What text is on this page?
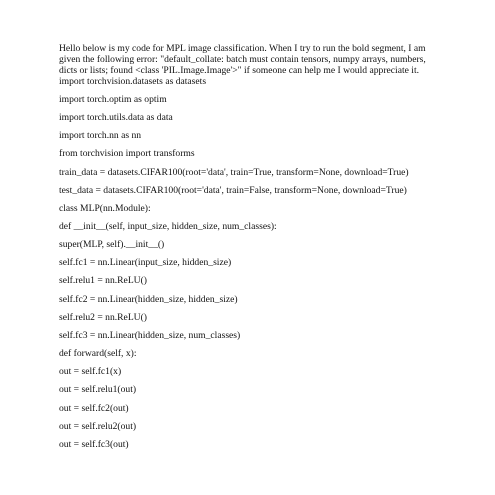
Hello below is my code for MPL image classification. When I try to run the bold segment, I am given the following error: "default_collate: batch must contain tensors, numpy arrays, numbers, dicts or lists; found <class 'PIL.Image.Image'>" if someone can help me I would appreciate it.

import torchvision.datasets as datasets

import torch.optim as optim

import torch.utils.data as data

import torch.nn as nn

from torchvision import transforms

train_data = datasets.CIFAR100(root='data', train=True, transform=None, download=True)

test_data = datasets.CIFAR100(root='data', train=False, transform=None, download=True)

class MLP(nn.Module):

def __init__(self, input_size, hidden_size, num_classes):

super(MLP, self).__init__()

self.fc1 = nn.Linear(input_size, hidden_size)

self.relu1 = nn.ReLU()

self.fc2 = nn.Linear(hidden_size, hidden_size)

self.relu2 = nn.ReLU()

self.fc3 = nn.Linear(hidden_size, num_classes)

def forward(self, x):

out = self.fc1(x)

out = self.relu1(out)

out = self.fc2(out)

out = self.relu2(out)

out = self.fc3(out)
